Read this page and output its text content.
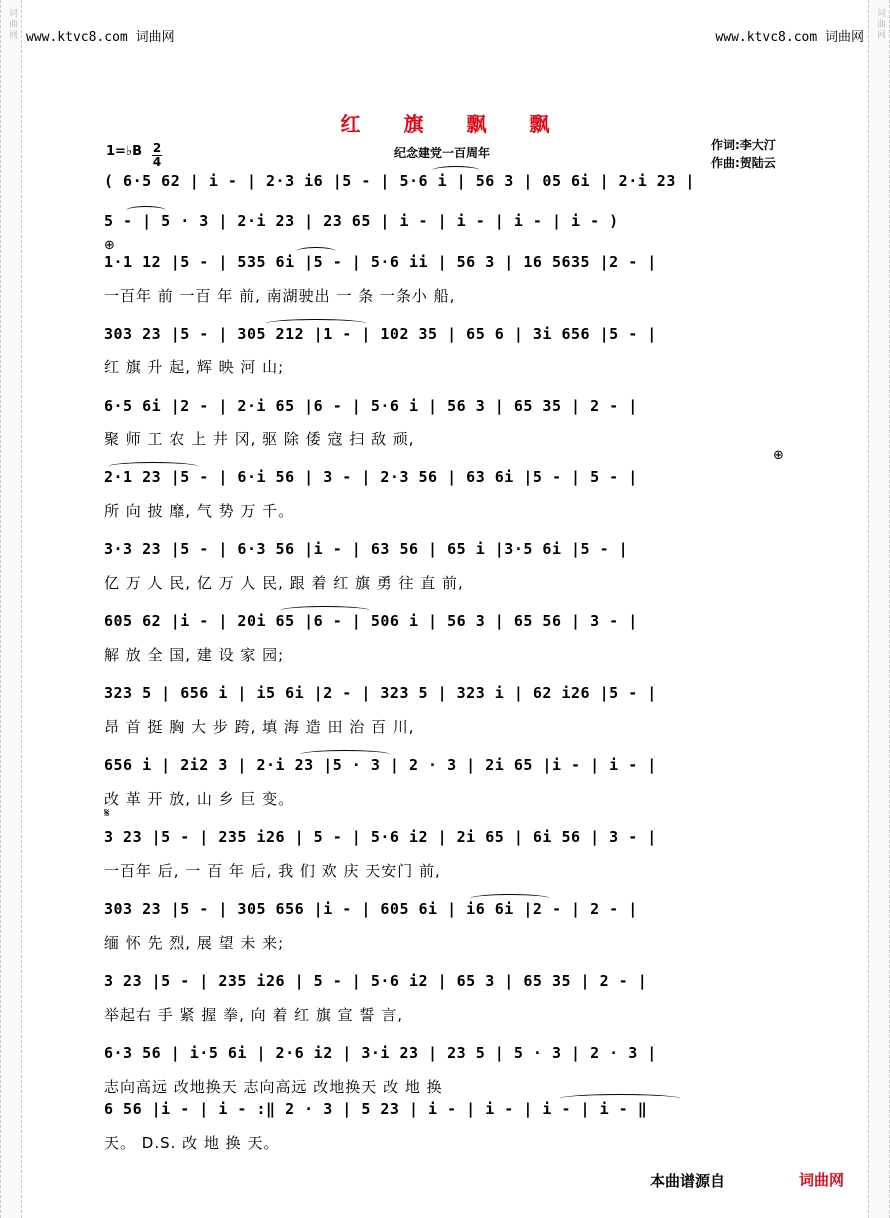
词曲网	词曲网
www.ktvc8.com 词曲网	www.ktvc8.com 词曲网
红 旗 飘 飘
1=♭B 2
4
纪念建党一百周年
作词:李大汀
作曲:贺陆云
⊕
⊕
𝄋
( 6·5 62 | i - | 2·3 i6 |5 - | 5·6 i | 56 3 | 05 6i | 2·i 23 |
5 - | 5 · 3 | 2·i 23 | 23 65 | i - | i - | i - | i - )
1·1 12 |5 - | 535 6i |5 - | 5·6 ii | 56 3 | 16 5635 |2 - |
一百年 前 一百 年 前, 南湖驶出 一 条 一条小 船,
303 23 |5 - | 305 212 |1 - | 102 35 | 65 6 | 3i 656 |5 - |
红 旗 升 起, 辉 映 河 山;
6·5 6i |2 - | 2·i 65 |6 - | 5·6 i | 56 3 | 65 35 | 2 - |
聚 师 工 农 上 井 冈, 驱 除 倭 寇 扫 敌 顽,
2·1 23 |5 - | 6·i 56 | 3 - | 2·3 56 | 63 6i |5 - | 5 - |
所 向 披 靡, 气 势 万 千。
3·3 23 |5 - | 6·3 56 |i - | 63 56 | 65 i |3·5 6i |5 - |
亿 万 人 民, 亿 万 人 民, 跟 着 红 旗 勇 往 直 前,
605 62 |i - | 20i 65 |6 - | 506 i | 56 3 | 65 56 | 3 - |
解 放 全 国, 建 设 家 园;
323 5 | 656 i | i5 6i |2 - | 323 5 | 323 i | 62 i26 |5 - |
昂 首 挺 胸 大 步 跨, 填 海 造 田 治 百 川,
656 i | 2i2 3 | 2·i 23 |5 · 3 | 2 · 3 | 2i 65 |i - | i - |
改 革 开 放, 山 乡 巨 变。
3 23 |5 - | 235 i26 | 5 - | 5·6 i2 | 2i 65 | 6i 56 | 3 - |
一百年 后, 一 百 年 后, 我 们 欢 庆 天安门 前,
303 23 |5 - | 305 656 |i - | 605 6i | i6 6i |2 - | 2 - |
缅 怀 先 烈, 展 望 未 来;
3 23 |5 - | 235 i26 | 5 - | 5·6 i2 | 65 3 | 65 35 | 2 - |
举起右 手 紧 握 拳, 向 着 红 旗 宣 誓 言,
6·3 56 | i·5 6i | 2·6 i2 | 3·i 23 | 23 5 | 5 · 3 | 2 · 3 |
志向高远 改地换天 志向高远 改地换天 改 地 换
6 56 |i - | i - :‖ 2 · 3 | 5 23 | i - | i - | i - | i - ‖
天。 D.S. 改 地 换 天。
本曲谱源自	词曲网
